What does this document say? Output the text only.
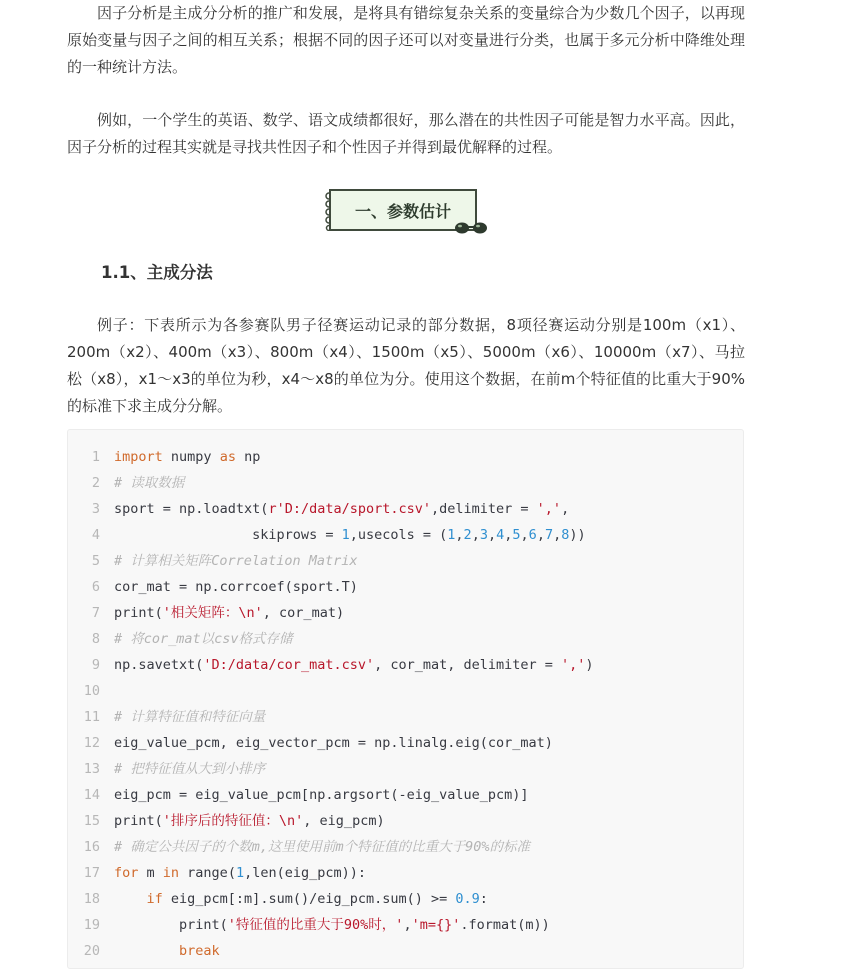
因子分析是主成分分析的推广和发展，是将具有错综复杂关系的变量综合为少数几个因子，以再现原始变量与因子之间的相互关系；根据不同的因子还可以对变量进行分类，也属于多元分析中降维处理的一种统计方法。

例如，一个学生的英语、数学、语文成绩都很好，那么潜在的共性因子可能是智力水平高。因此，因子分析的过程其实就是寻找共性因子和个性因子并得到最优解释的过程。

一、参数估计
1.1、主成分法

例子：下表所示为各参赛队男子径赛运动记录的部分数据，8项径赛运动分别是100m（x1）、200m（x2）、400m（x3）、800m（x4）、1500m（x5）、5000m（x6）、10000m（x7）、马拉松（x8），x1～x3的单位为秒，x4～x8的单位为分。使用这个数据，在前m个特征值的比重大于90%的标准下求主成分分解。

1 import numpy as np
2 # 读取数据
3 sport = np.loadtxt(r'D:/data/sport.csv',delimiter = ',',
4 skiprows = 1,usecols = (1,2,3,4,5,6,7,8))
5 # 计算相关矩阵Correlation Matrix
6 cor_mat = np.corrcoef(sport.T)
7 print('相关矩阵：\n', cor_mat)
8 # 将cor_mat以csv格式存储
9 np.savetxt('D:/data/cor_mat.csv', cor_mat, delimiter = ',')
10
11 # 计算特征值和特征向量
12 eig_value_pcm, eig_vector_pcm = np.linalg.eig(cor_mat)
13 # 把特征值从大到小排序
14 eig_pcm = eig_value_pcm[np.argsort(-eig_value_pcm)]
15 print('排序后的特征值：\n', eig_pcm)
16 # 确定公共因子的个数m,这里使用前m个特征值的比重大于90%的标准
17 for m in range(1,len(eig_pcm)):
18	if eig_pcm[:m].sum()/eig_pcm.sum() >= 0.9:
19 print('特征值的比重大于90%时，','m={}'.format(m))
20	break
